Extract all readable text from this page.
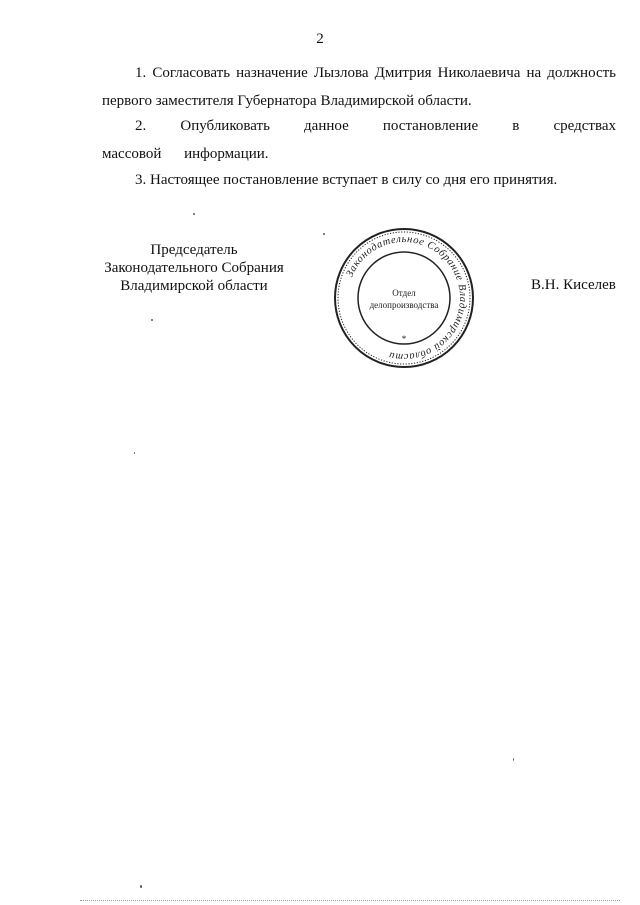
2

1. Согласовать назначение Лызлова Дмитрия Николаевича на должность первого заместителя Губернатора Владимирской области.

2. Опубликовать данное постановление в средствах массовой информации.

3. Настоящее постановление вступает в силу со дня его принятия.

Председатель
Законодательного Собрания
Владимирской области
Законодательное Собрание Владимирской области
Отдел
делопроизводства
*
В.Н. Киселев
